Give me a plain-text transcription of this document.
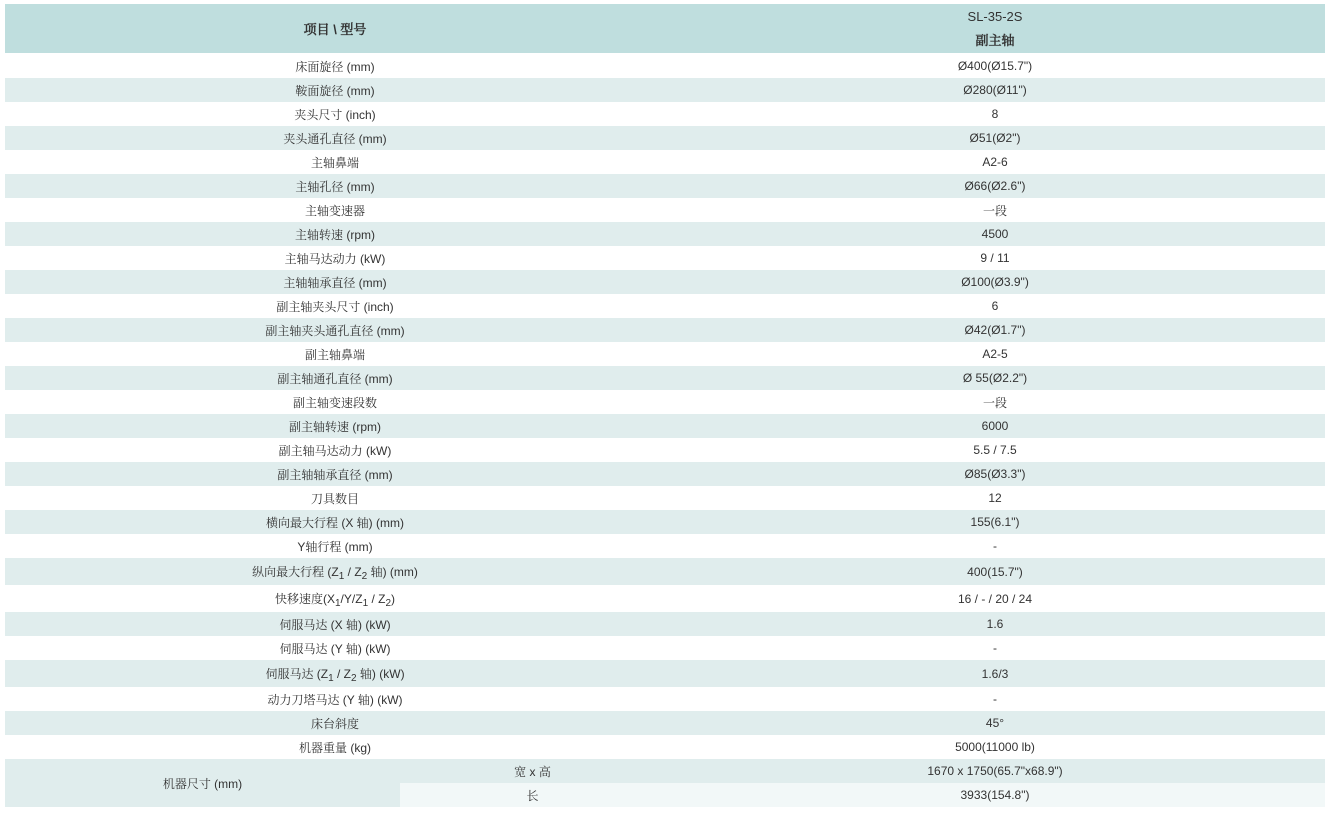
项目 \ 型号
SL-35-2S
副主轴
床面旋径 (mm)	Ø400(Ø15.7")
鞍面旋径 (mm)	Ø280(Ø11")
夹头尺寸 (inch)	8
夹头通孔直径 (mm)	Ø51(Ø2")
主轴鼻端	A2-6
主轴孔径 (mm)	Ø66(Ø2.6")
主轴变速器	一段
主轴转速 (rpm)	4500
主轴马达动力 (kW)	9 / 11
主轴轴承直径 (mm)	Ø100(Ø3.9")
副主轴夹头尺寸 (inch)	6
副主轴夹头通孔直径 (mm)	Ø42(Ø1.7")
副主轴鼻端	A2-5
副主轴通孔直径 (mm)	Ø 55(Ø2.2")
副主轴变速段数	一段
副主轴转速 (rpm)	6000
副主轴马达动力 (kW)	5.5 / 7.5
副主轴轴承直径 (mm)	Ø85(Ø3.3")
刀具数目	12
横向最大行程 (X 轴) (mm)	155(6.1")
Y轴行程 (mm)	-
纵向最大行程 ($Z_1 / Z_2$ 轴) (mm)	400(15.7")
快移速度$(X_1/Y/Z_1 / Z_2)$	16 / - / 20 / 24
伺服马达 (X 轴) (kW)	1.6
伺服马达 (Y 轴) (kW)	-
伺服马达 ($Z_1 / Z_2$ 轴) (kW)	1.6/3
动力刀塔马达 (Y 轴) (kW)	-
床台斜度	45°
机器重量 (kg)	5000(11000 lb)
机器尺寸 (mm)
宽 x 高	1670 x 1750(65.7"x68.9")
长	3933(154.8")
